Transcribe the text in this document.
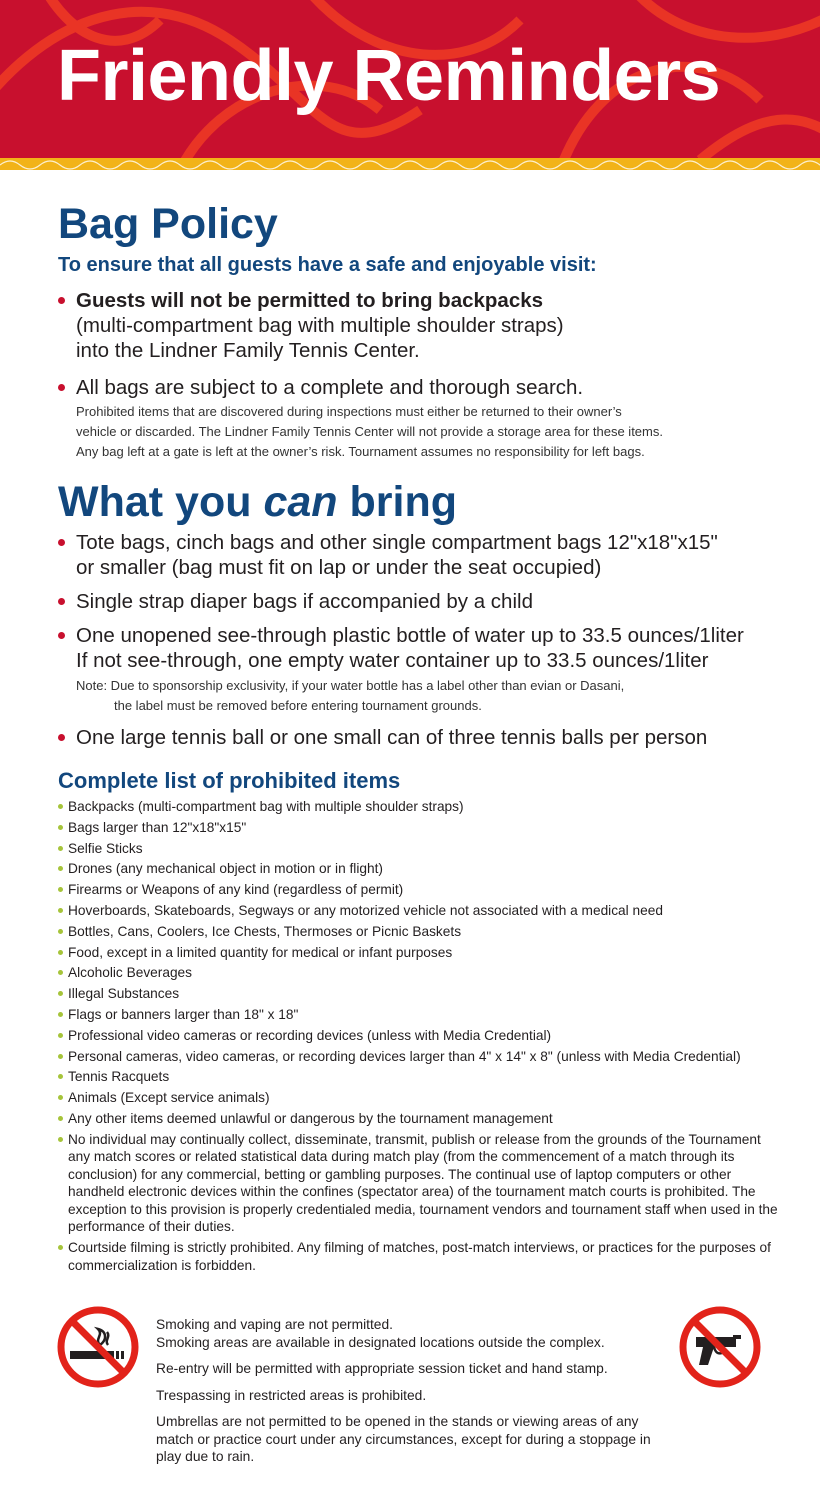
Friendly Reminders
Bag Policy
To ensure that all guests have a safe and enjoyable visit:
Guests will not be permitted to bring backpacks
(multi-compartment bag with multiple shoulder straps)
into the Lindner Family Tennis Center.
All bags are subject to a complete and thorough search.
Prohibited items that are discovered during inspections must either be returned to their owner’s
vehicle or discarded. The Lindner Family Tennis Center will not provide a storage area for these items.
Any bag left at a gate is left at the owner’s risk. Tournament assumes no responsibility for left bags.
What you can bring
Tote bags, cinch bags and other single compartment bags 12"x18"x15"
or smaller (bag must fit on lap or under the seat occupied)
Single strap diaper bags if accompanied by a child
One unopened see-through plastic bottle of water up to 33.5 ounces/1liter
If not see-through, one empty water container up to 33.5 ounces/1liter
Note: Due to sponsorship exclusivity, if your water bottle has a label other than evian or Dasani,
the label must be removed before entering tournament grounds.
One large tennis ball or one small can of three tennis balls per person
Complete list of prohibited items
Backpacks (multi-compartment bag with multiple shoulder straps)
Bags larger than 12"x18"x15"
Selfie Sticks
Drones (any mechanical object in motion or in flight)
Firearms or Weapons of any kind (regardless of permit)
Hoverboards, Skateboards, Segways or any motorized vehicle not associated with a medical need
Bottles, Cans, Coolers, Ice Chests, Thermoses or Picnic Baskets
Food, except in a limited quantity for medical or infant purposes
Alcoholic Beverages
Illegal Substances
Flags or banners larger than 18" x 18"
Professional video cameras or recording devices (unless with Media Credential)
Personal cameras, video cameras, or recording devices larger than 4" x 14" x 8" (unless with Media Credential)
Tennis Racquets
Animals (Except service animals)
Any other items deemed unlawful or dangerous by the tournament management
No individual may continually collect, disseminate, transmit, publish or release from the grounds of the Tournament any match scores or related statistical data during match play (from the commencement of a match through its conclusion) for any commercial, betting or gambling purposes. The continual use of laptop computers or other handheld electronic devices within the confines (spectator area) of the tournament match courts is prohibited. The exception to this provision is properly credentialed media, tournament vendors and tournament staff when used in the performance of their duties.
Courtside filming is strictly prohibited. Any filming of matches, post-match interviews, or practices for the purposes of commercialization is forbidden.

Smoking and vaping are not permitted.
Smoking areas are available in designated locations outside the complex.

Re-entry will be permitted with appropriate session ticket and hand stamp.

Trespassing in restricted areas is prohibited.

Umbrellas are not permitted to be opened in the stands or viewing areas of any match or practice court under any circumstances, except for during a stoppage in play due to rain.
